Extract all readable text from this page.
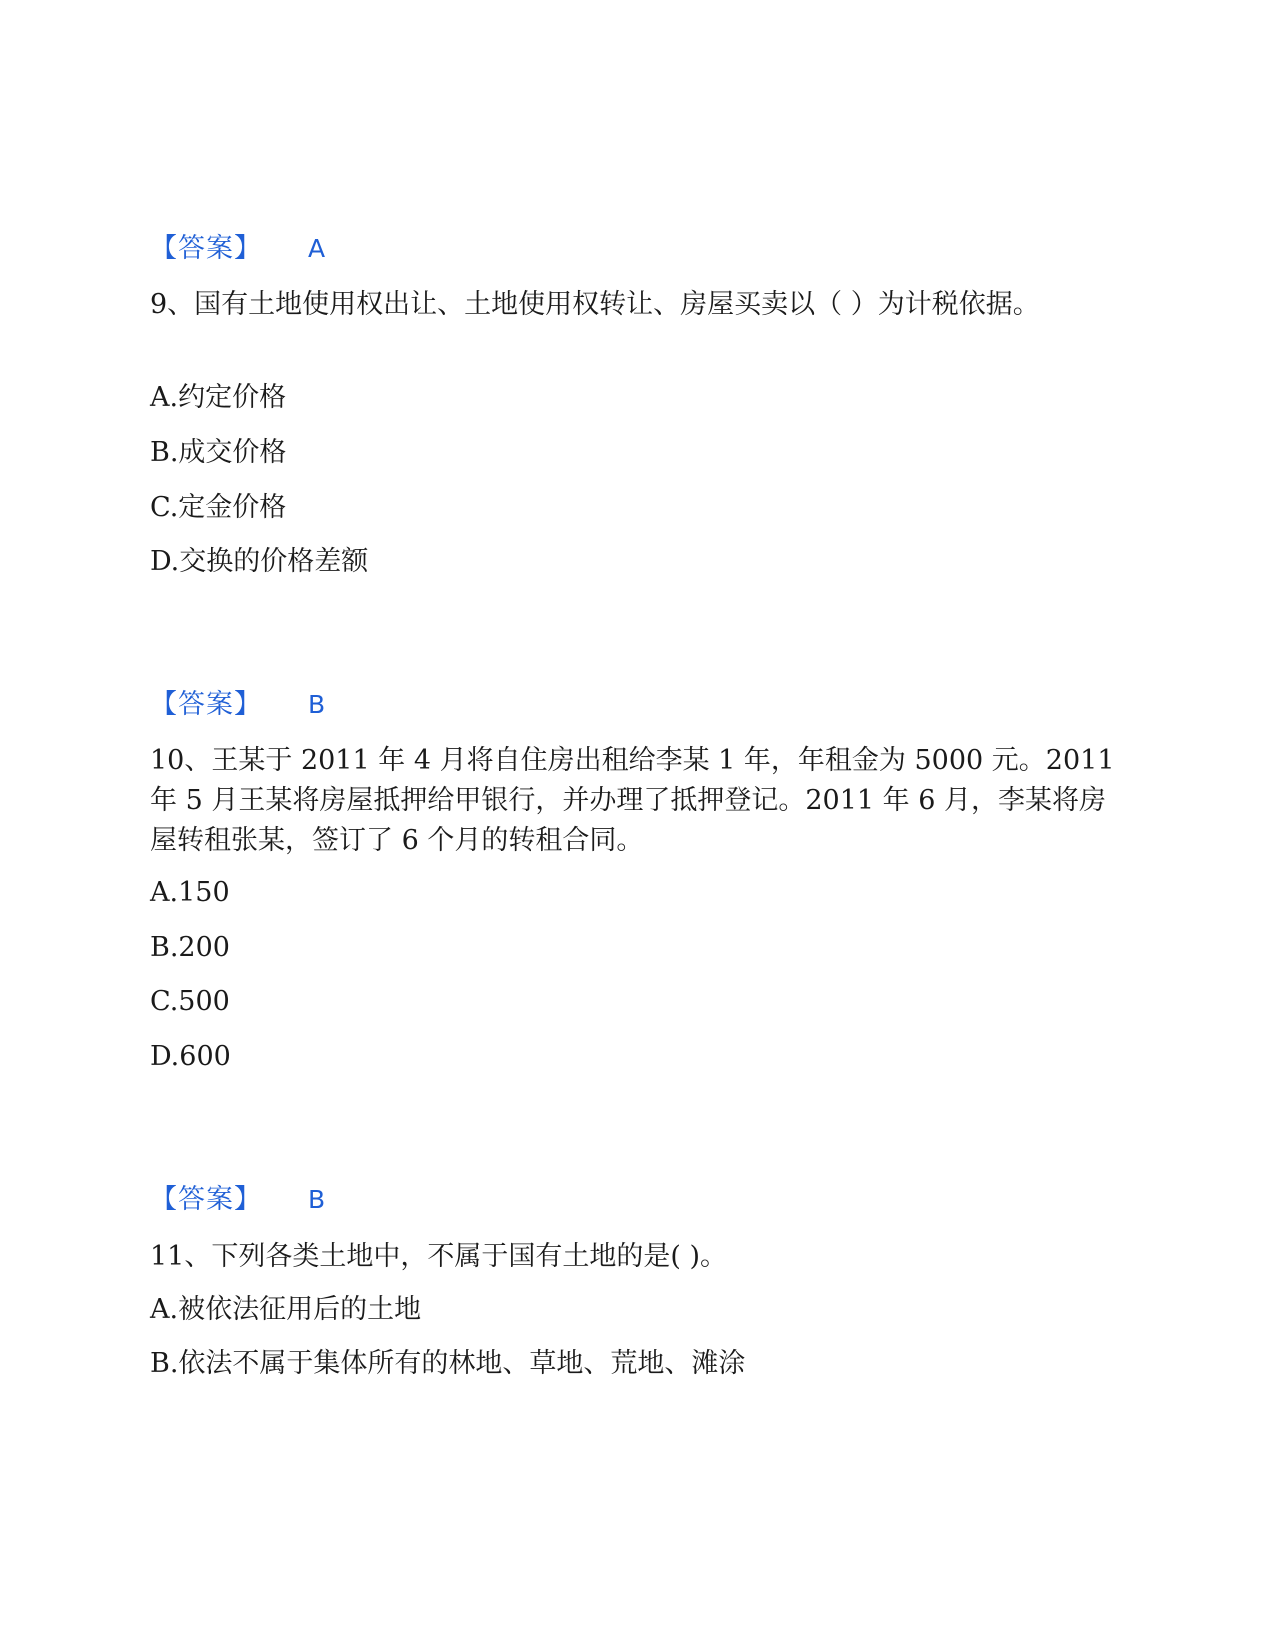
【答案】 A
9、国有土地使用权出让、土地使用权转让、房屋买卖以（ ）为计税依据。
A.约定价格
B.成交价格
C.定金价格
D.交换的价格差额
【答案】 B
10、王某于 2011 年 4 月将自住房出租给李某 1 年，年租金为 5000 元。2011 年 5 月王某将房屋抵押给甲银行，并办理了抵押登记。2011 年 6 月，李某将房屋转租张某，签订了 6 个月的转租合同。
A.150
B.200
C.500
D.600
【答案】 B
11、下列各类土地中，不属于国有土地的是( )。
A.被依法征用后的土地
B.依法不属于集体所有的林地、草地、荒地、滩涂
